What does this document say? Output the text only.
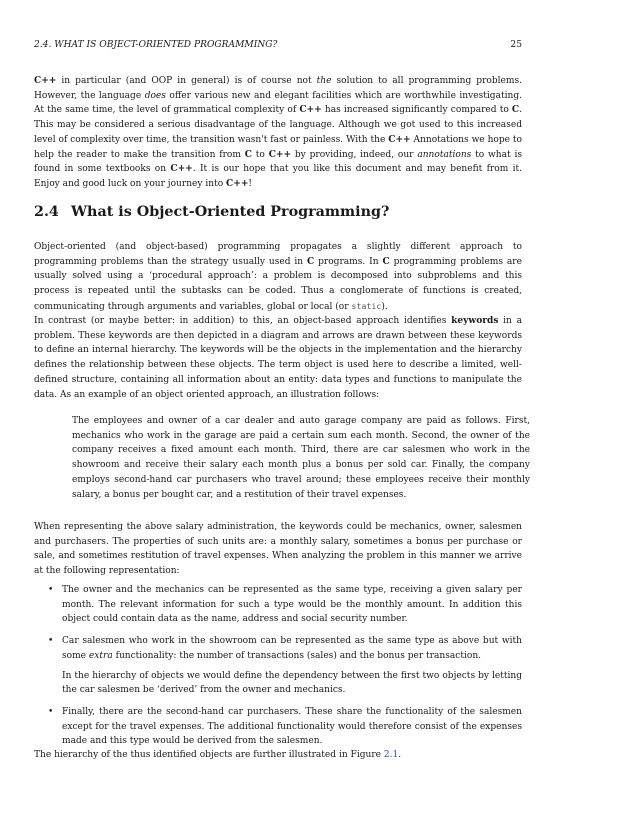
2.4. WHAT IS OBJECT-ORIENTED PROGRAMMING?	25

C++ in particular (and OOP in general) is of course not the solution to all programming problems. However, the language does offer various new and elegant facilities which are worthwhile investigating. At the same time, the level of grammatical complexity of C++ has increased significantly compared to C. This may be considered a serious disadvantage of the language. Although we got used to this increased level of complexity over time, the transition wasn't fast or painless. With the C++ Annotations we hope to help the reader to make the transition from C to C++ by providing, indeed, our annotations to what is found in some textbooks on C++. It is our hope that you like this document and may benefit from it. Enjoy and good luck on your journey into C++!

2.4 What is Object-Oriented Programming?

Object-oriented (and object-based) programming propagates a slightly different approach to programming problems than the strategy usually used in C programs. In C programming problems are usually solved using a ‘procedural approach’: a problem is decomposed into subproblems and this process is repeated until the subtasks can be coded. Thus a conglomerate of functions is created, communicating through arguments and variables, global or local (or static).

In contrast (or maybe better: in addition) to this, an object-based approach identifies keywords in a problem. These keywords are then depicted in a diagram and arrows are drawn between these keywords to define an internal hierarchy. The keywords will be the objects in the implementation and the hierarchy defines the relationship between these objects. The term object is used here to describe a limited, well-defined structure, containing all information about an entity: data types and functions to manipulate the data. As an example of an object oriented approach, an illustration follows:

The employees and owner of a car dealer and auto garage company are paid as follows. First, mechanics who work in the garage are paid a certain sum each month. Second, the owner of the company receives a fixed amount each month. Third, there are car salesmen who work in the showroom and receive their salary each month plus a bonus per sold car. Finally, the company employs second-hand car purchasers who travel around; these employees receive their monthly salary, a bonus per bought car, and a restitution of their travel expenses.

When representing the above salary administration, the keywords could be mechanics, owner, salesmen and purchasers. The properties of such units are: a monthly salary, sometimes a bonus per purchase or sale, and sometimes restitution of travel expenses. When analyzing the problem in this manner we arrive at the following representation:

• The owner and the mechanics can be represented as the same type, receiving a given salary per month. The relevant information for such a type would be the monthly amount. In addition this object could contain data as the name, address and social security number.
• Car salesmen who work in the showroom can be represented as the same type as above but with some extra functionality: the number of transactions (sales) and the bonus per transaction.

In the hierarchy of objects we would define the dependency between the first two objects by letting the car salesmen be ‘derived’ from the owner and mechanics.

• Finally, there are the second-hand car purchasers. These share the functionality of the salesmen except for the travel expenses. The additional functionality would therefore consist of the expenses made and this type would be derived from the salesmen.

The hierarchy of the thus identified objects are further illustrated in Figure 2.1.
